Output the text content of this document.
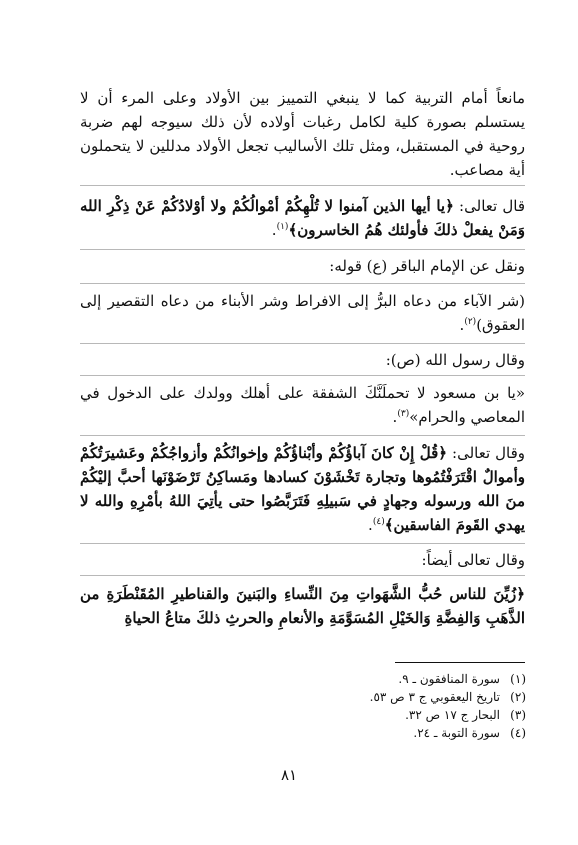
مانعاً أمام التربية كما لا ينبغي التمييز بين الأولاد وعلى المرء أن لا يستسلم بصورة كلية لكامل رغبات أولاده لأن ذلك سيوجه لهم ضربة روحية في المستقبل، ومثل تلك الأساليب تجعل الأولاد مدللين لا يتحملون أية مصاعب.

قال تعالى: ﴿يا أيها الذين آمنوا لا تُلْهِكُمْ أمْوالُكُمْ ولا أوْلادُكُمْ عَنْ ذِكْرِ الله وَمَنْ يفعلْ ذلكَ فأولئك هُمُ الخاسرون﴾$^{(١)}$.

ونقل عن الإمام الباقر (ع) قوله:

(شر الآباء من دعاه البرُّ إلى الافراط وشر الأبناء من دعاه التقصير إلى العقوق)$^{(٢)}$.

وقال رسول الله (ص):

«يا بن مسعود لا تحملَنَّكَ الشفقة على أهلك وولدك على الدخول في المعاصي والحرام»$^{(٣)}$.

وقال تعالى: ﴿قُلْ إِنْ كانَ آباؤُكُمْ وأبْناؤُكُمْ وإخوانُكُمْ وأزواجُكُمْ وعَشيرَتُكُمْ وأموالٌ اقْتَرَفْتُمُوها وتجارة تَخْشَوْنَ كسادها ومَساكِنُ تَرْضَوْنَها أحبَّ إليْكُمْ منَ الله ورسوله وجهادٍ في سَبيلِهِ فَتَرَبَّصُوا حتى يأتِيَ اللهُ بأمْرِهِ والله لا يهدي القَومَ الفاسقين﴾$^{(٤)}$.

وقال تعالى أيضاً:

﴿زُيِّنَ للناس حُبُّ الشَّهَواتِ مِنَ النِّساءِ والبَنينَ والقناطيرِ المُقَنْطَرَةِ من الذَّهَبِ وَالفِضَّةِ وَالخَيْلِ المُسَوَّمَةِ والأنعامِ والحرثِ ذلكَ متاعُ الحياةِ

(١)سورة المنافقون ـ ٩.
(٢)تاريخ اليعقوبي ج ٣ ص ٥٣.
(٣)البحار ج ١٧ ص ٣٢.
(٤)سورة التوبة ـ ٢٤.
٨١
